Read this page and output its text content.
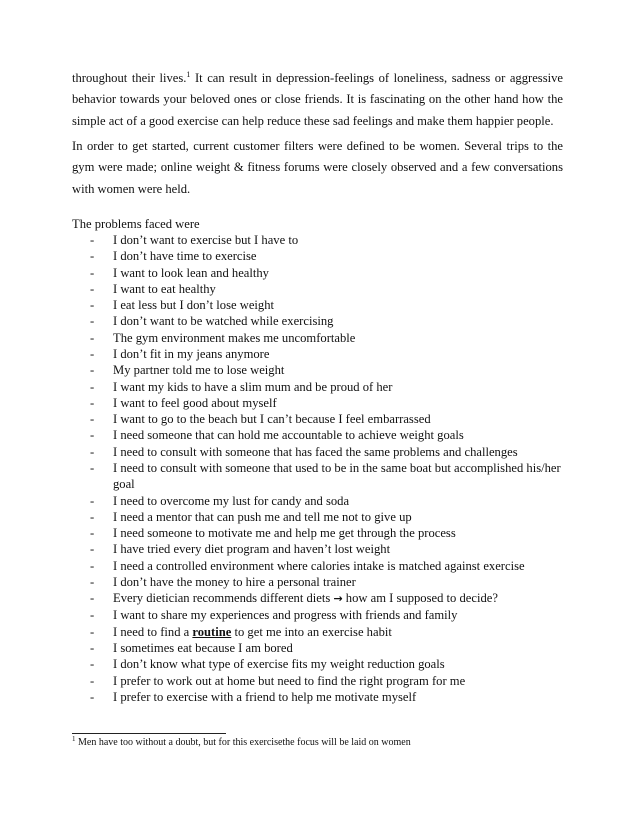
throughout their lives.$^1$ It can result in depression-feelings of loneliness, sadness or aggressive
behavior towards your beloved ones or close friends. It is fascinating on the other hand how the
simple act of a good exercise can help reduce these sad feelings and make them happier people.
In order to get started, current customer filters were defined to be women. Several trips to the
gym were made; online weight & fitness forums were closely observed and a few conversations
with women were held.
The problems faced were
- I don’t want to exercise but I have to
- I don’t have time to exercise
- I want to look lean and healthy
- I want to eat healthy
- I eat less but I don’t lose weight
- I don’t want to be watched while exercising
- The gym environment makes me uncomfortable
- I don’t fit in my jeans anymore
- My partner told me to lose weight
- I want my kids to have a slim mum and be proud of her
- I want to feel good about myself
- I want to go to the beach but I can’t because I feel embarrassed
- I need someone that can hold me accountable to achieve weight goals
- I need to consult with someone that has faced the same problems and challenges
- I need to consult with someone that used to be in the same boat but accomplished his/her goal
- I need to overcome my lust for candy and soda
- I need a mentor that can push me and tell me not to give up
- I need someone to motivate me and help me get through the process
- I have tried every diet program and haven’t lost weight
- I need a controlled environment where calories intake is matched against exercise
- I don’t have the money to hire a personal trainer
- Every dietician recommends different diets → how am I supposed to decide?
- I want to share my experiences and progress with friends and family
- I need to find a routine to get me into an exercise habit
- I sometimes eat because I am bored
- I don’t know what type of exercise fits my weight reduction goals
- I prefer to work out at home but need to find the right program for me
- I prefer to exercise with a friend to help me motivate myself
$^1$ Men have too without a doubt, but for this exercisethe focus will be laid on women
